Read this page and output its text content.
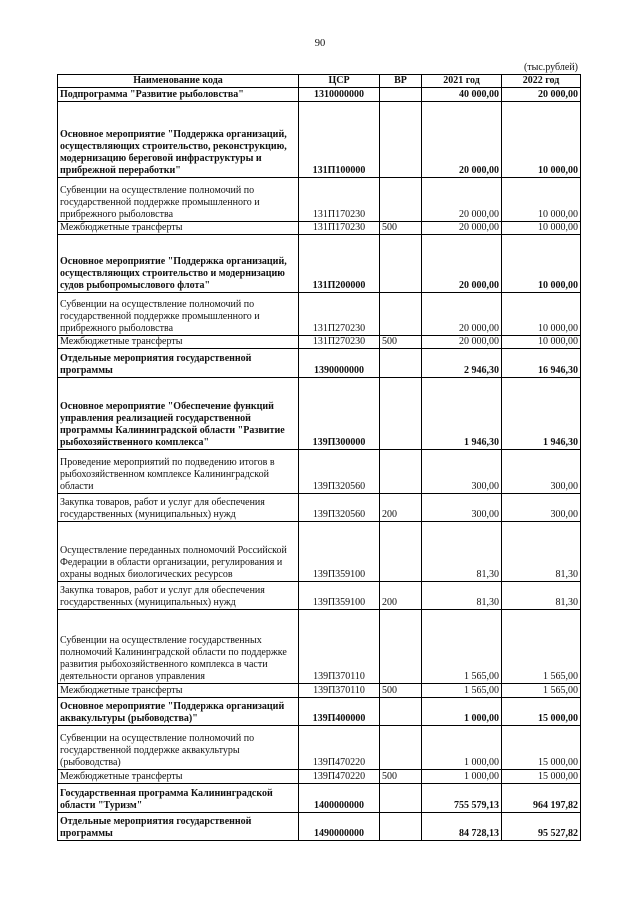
90
(тыс.рублей)
Наименование кода	ЦСР	ВР	2021 год	2022 год
Подпрограмма "Развитие рыболовства"	1310000000		40 000,00	20 000,00
Основное мероприятие "Поддержка организаций, осуществляющих строительство, реконструкцию, модернизацию береговой инфраструктуры и прибрежной переработки"	131П100000		20 000,00	10 000,00
Субвенции на осуществление полномочий по государственной поддержке промышленного и прибрежного рыболовства	131П170230		20 000,00	10 000,00
Межбюджетные трансферты	131П170230	500	20 000,00	10 000,00
Основное мероприятие "Поддержка организаций, осуществляющих строительство и модернизацию судов рыбопромыслового флота"	131П200000		20 000,00	10 000,00
Субвенции на осуществление полномочий по государственной поддержке промышленного и прибрежного рыболовства	131П270230		20 000,00	10 000,00
Межбюджетные трансферты	131П270230	500	20 000,00	10 000,00
Отдельные мероприятия государственной программы	1390000000		2 946,30	16 946,30
Основное мероприятие "Обеспечение функций управления реализацией государственной программы Калининградской области "Развитие рыбохозяйственного комплекса"	139П300000		1 946,30	1 946,30
Проведение мероприятий по подведению итогов в рыбохозяйственном комплексе Калининградской области	139П320560		300,00	300,00
Закупка товаров, работ и услуг для обеспечения государственных (муниципальных) нужд	139П320560	200	300,00	300,00
Осуществление переданных полномочий Российской Федерации в области организации, регулирования и охраны водных биологических ресурсов	139П359100		81,30	81,30
Закупка товаров, работ и услуг для обеспечения государственных (муниципальных) нужд	139П359100	200	81,30	81,30
Субвенции на осуществление государственных полномочий Калининградской области по поддержке развития рыбохозяйственного комплекса в части деятельности органов управления	139П370110		1 565,00	1 565,00
Межбюджетные трансферты	139П370110	500	1 565,00	1 565,00
Основное мероприятие "Поддержка организаций аквакультуры (рыбоводства)"	139П400000		1 000,00	15 000,00
Субвенции на осуществление полномочий по государственной поддержке аквакультуры (рыбоводства)	139П470220		1 000,00	15 000,00
Межбюджетные трансферты	139П470220	500	1 000,00	15 000,00
Государственная программа Калининградской области "Туризм"	1400000000		755 579,13	964 197,82
Отдельные мероприятия государственной программы	1490000000		84 728,13	95 527,82
